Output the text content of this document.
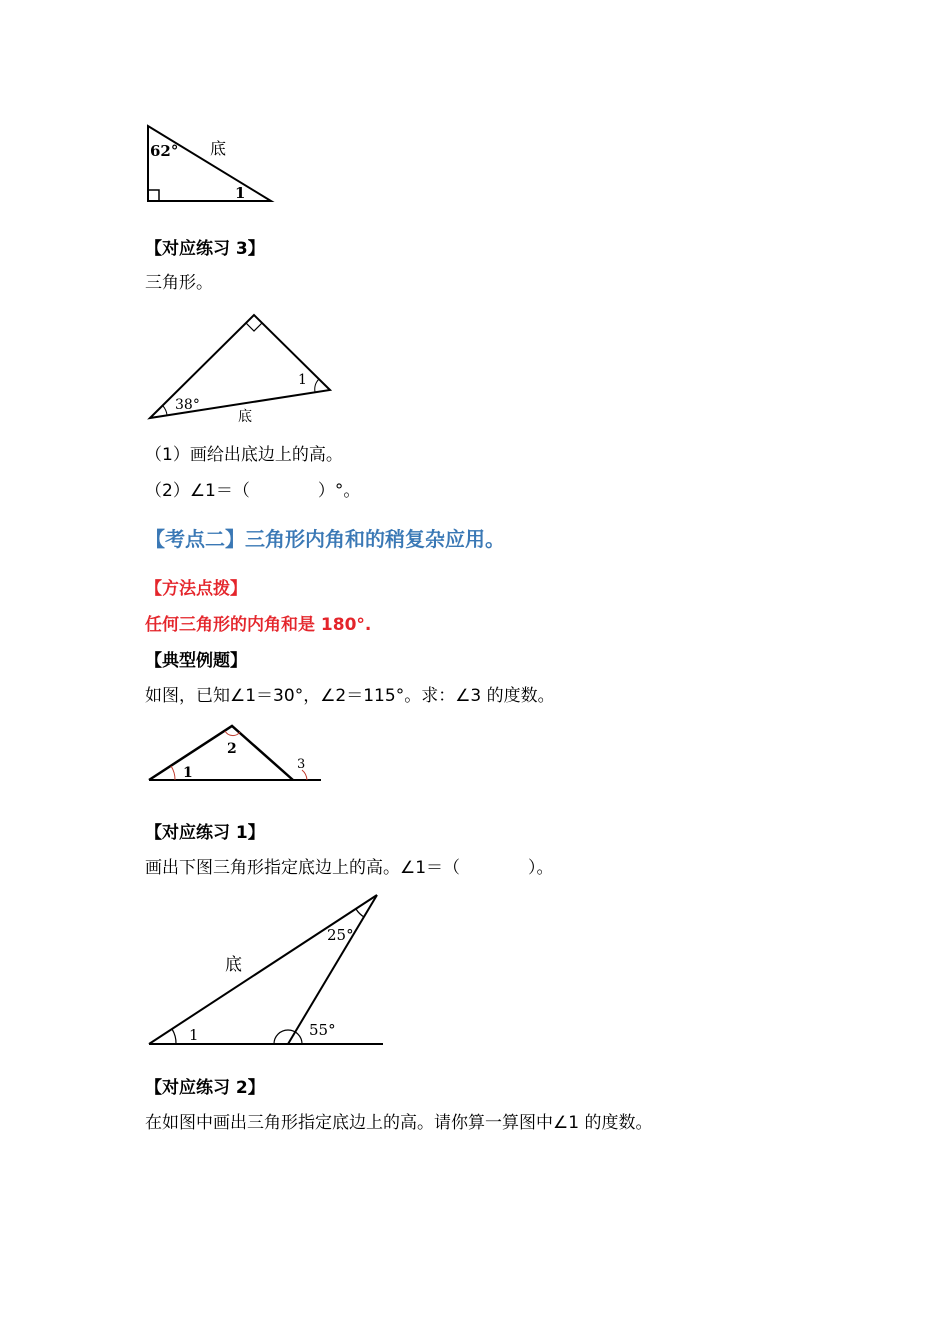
62° 底
1
【对应练习 3】
三角形。
38°
1
底
（1）画给出底边上的高。
（2）∠1＝（　　　　）°。
【考点二】三角形内角和的稍复杂应用。
【方法点拨】
任何三角形的内角和是 180°.
【典型例题】
如图，已知∠1＝30°，∠2＝115°。求：∠3 的度数。
1
2
3
【对应练习 1】
画出下图三角形指定底边上的高。∠1＝（　　　　）。
底
25°
1	55°
【对应练习 2】
在如图中画出三角形指定底边上的高。请你算一算图中∠1 的度数。
